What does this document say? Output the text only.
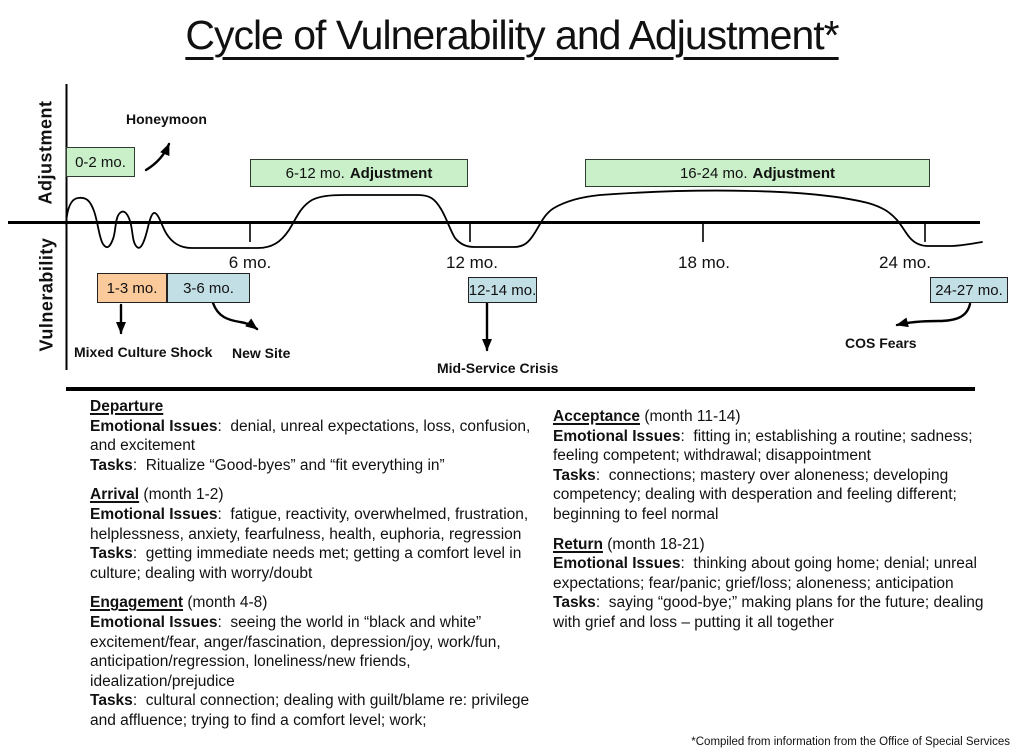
Cycle of Vulnerability and Adjustment*
Adjustment
Vulnerability
0-2 mo.
6-12 mo. Adjustment	16-24 mo. Adjustment
1-3 mo. 3-6 mo.	12-14 mo.	24-27 mo.
6 mo.	12 mo.	18 mo.	24 mo.
Honeymoon
Mixed Culture Shock New Site
Mid-Service Crisis
COS Fears
Departure
Emotional Issues:  denial, unreal expectations, loss, confusion, and excitement
Tasks:  Ritualize “Good-byes” and “fit everything in”
Arrival (month 1-2)
Emotional Issues:  fatigue, reactivity, overwhelmed, frustration, helplessness, anxiety, fearfulness, health, euphoria, regression
Tasks:  getting immediate needs met; getting a comfort level in culture; dealing with worry/doubt
Engagement (month 4-8)
Emotional Issues:  seeing the world in “black and white” excitement/fear, anger/fascination, depression/joy, work/fun, anticipation/regression, loneliness/new friends, idealization/prejudice
Tasks:  cultural connection; dealing with guilt/blame re: privilege and affluence; trying to find a comfort level; work;
Acceptance (month 11-14)
Emotional Issues:  fitting in; establishing a routine; sadness; feeling competent; withdrawal; disappointment
Tasks:  connections; mastery over aloneness; developing competency; dealing with desperation and feeling different; beginning to feel normal
Return (month 18-21)
Emotional Issues:  thinking about going home; denial; unreal expectations; fear/panic; grief/loss; aloneness; anticipation
Tasks:  saying “good-bye;” making plans for the future; dealing with grief and loss – putting it all together
*Compiled from information from the Office of Special Services
